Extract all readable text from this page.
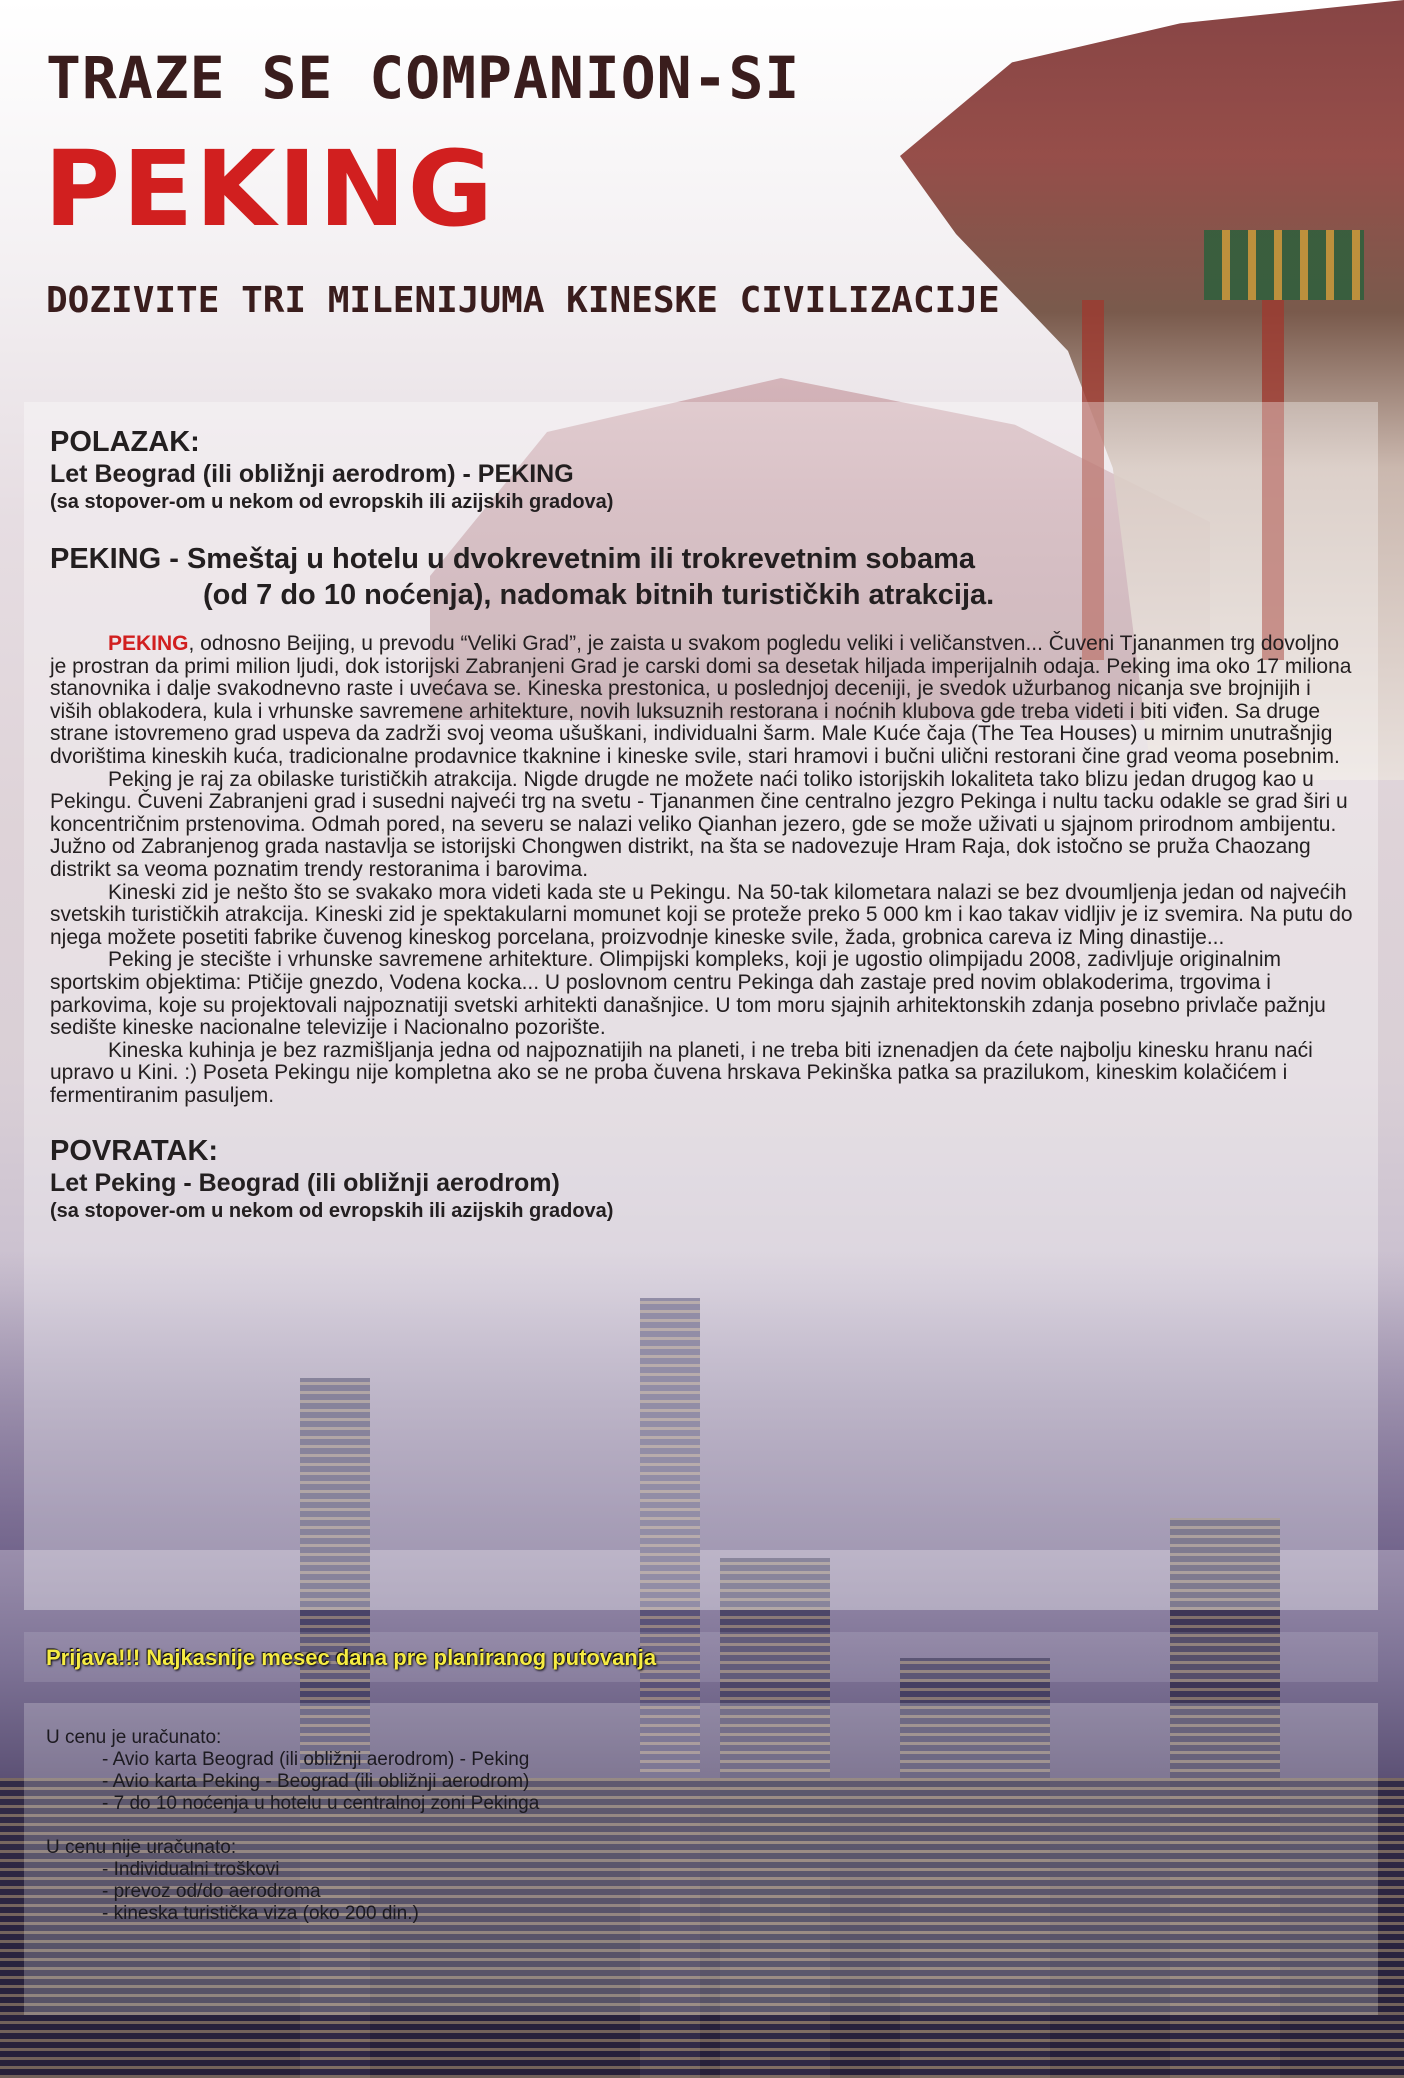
TRAZE SE COMPANION-SI
PEKING
DOZIVITE TRI MILENIJUMA KINESKE CIVILIZACIJE

POLAZAK:

Let Beograd (ili obližnji aerodrom) - PEKING

(sa stopover-om u nekom od evropskih ili azijskih gradova)

PEKING - Smeštaj u hotelu u dvokrevetnim ili trokrevetnim sobama

(od 7 do 10 noćenja), nadomak bitnih turističkih atrakcija.

PEKING, odnosno Beijing, u prevodu “Veliki Grad”, je zaista u svakom pogledu veliki i veličanstven... Čuveni Tjananmen trg dovoljno je prostran da primi milion ljudi, dok istorijski Zabranjeni Grad je carski domi sa desetak hiljada imperijalnih odaja. Peking ima oko 17 miliona stanovnika i dalje svakodnevno raste i uvećava se. Kineska prestonica, u poslednjoj deceniji, je svedok užurbanog nicanja sve brojnijih i viših oblakodera, kula i vrhunske savremene arhitekture, novih luksuznih restorana i noćnih klubova gde treba videti i biti viđen. Sa druge strane istovremeno grad uspeva da zadrži svoj veoma ušuškani, individualni šarm. Male Kuće čaja (The Tea Houses) u mirnim unutrašnjig dvorištima kineskih kuća, tradicionalne prodavnice tkaknine i kineske svile, stari hramovi i bučni ulični restorani čine grad veoma posebnim.

Peking je raj za obilaske turističkih atrakcija. Nigde drugde ne možete naći toliko istorijskih lokaliteta tako blizu jedan drugog kao u Pekingu. Čuveni Zabranjeni grad i susedni najveći trg na svetu - Tjananmen čine centralno jezgro Pekinga i nultu tacku odakle se grad širi u koncentričnim prstenovima. Odmah pored, na severu se nalazi veliko Qianhan jezero, gde se može uživati u sjajnom prirodnom ambijentu. Južno od Zabranjenog grada nastavlja se istorijski Chongwen distrikt, na šta se nadovezuje Hram Raja, dok istočno se pruža Chaozang distrikt sa veoma poznatim trendy restoranima i barovima.

Kineski zid je nešto što se svakako mora videti kada ste u Pekingu. Na 50-tak kilometara nalazi se bez dvoumljenja jedan od najvećih svetskih turističkih atrakcija. Kineski zid je spektakularni momunet koji se proteže preko 5 000 km i kao takav vidljiv je iz svemira. Na putu do njega možete posetiti fabrike čuvenog kineskog porcelana, proizvodnje kineske svile, žada, grobnica careva iz Ming dinastije...

Peking je stecište i vrhunske savremene arhitekture. Olimpijski kompleks, koji je ugostio olimpijadu 2008, zadivljuje originalnim sportskim objektima: Ptičije gnezdo, Vodena kocka... U poslovnom centru Pekinga dah zastaje pred novim oblakoderima, trgovima i parkovima, koje su projektovali najpoznatiji svetski arhitekti današnjice. U tom moru sjajnih arhitektonskih zdanja posebno privlače pažnju sedište kineske nacionalne televizije i Nacionalno pozorište.

Kineska kuhinja je bez razmišljanja jedna od najpoznatijih na planeti, i ne treba biti iznenadjen da ćete najbolju kinesku hranu naći upravo u Kini. :) Poseta Pekingu nije kompletna ako se ne proba čuvena hrskava Pekinška patka sa prazilukom, kineskim kolačićem i fermentiranim pasuljem.

POVRATAK:

Let Peking - Beograd (ili obližnji aerodrom)

(sa stopover-om u nekom od evropskih ili azijskih gradova)

Prijava!!! Najkasnije mesec dana pre planiranog putovanja

U cenu je uračunato:

- Avio karta Beograd (ili obližnji aerodrom) - Peking
- Avio karta Peking - Beograd (ili obližnji aerodrom)
- 7 do 10 noćenja u hotelu u centralnoj zoni Pekinga

U cenu nije uračunato:

- Individualni troškovi
- prevoz od/do aerodroma
- kineska turistička viza (oko 200 din.)
